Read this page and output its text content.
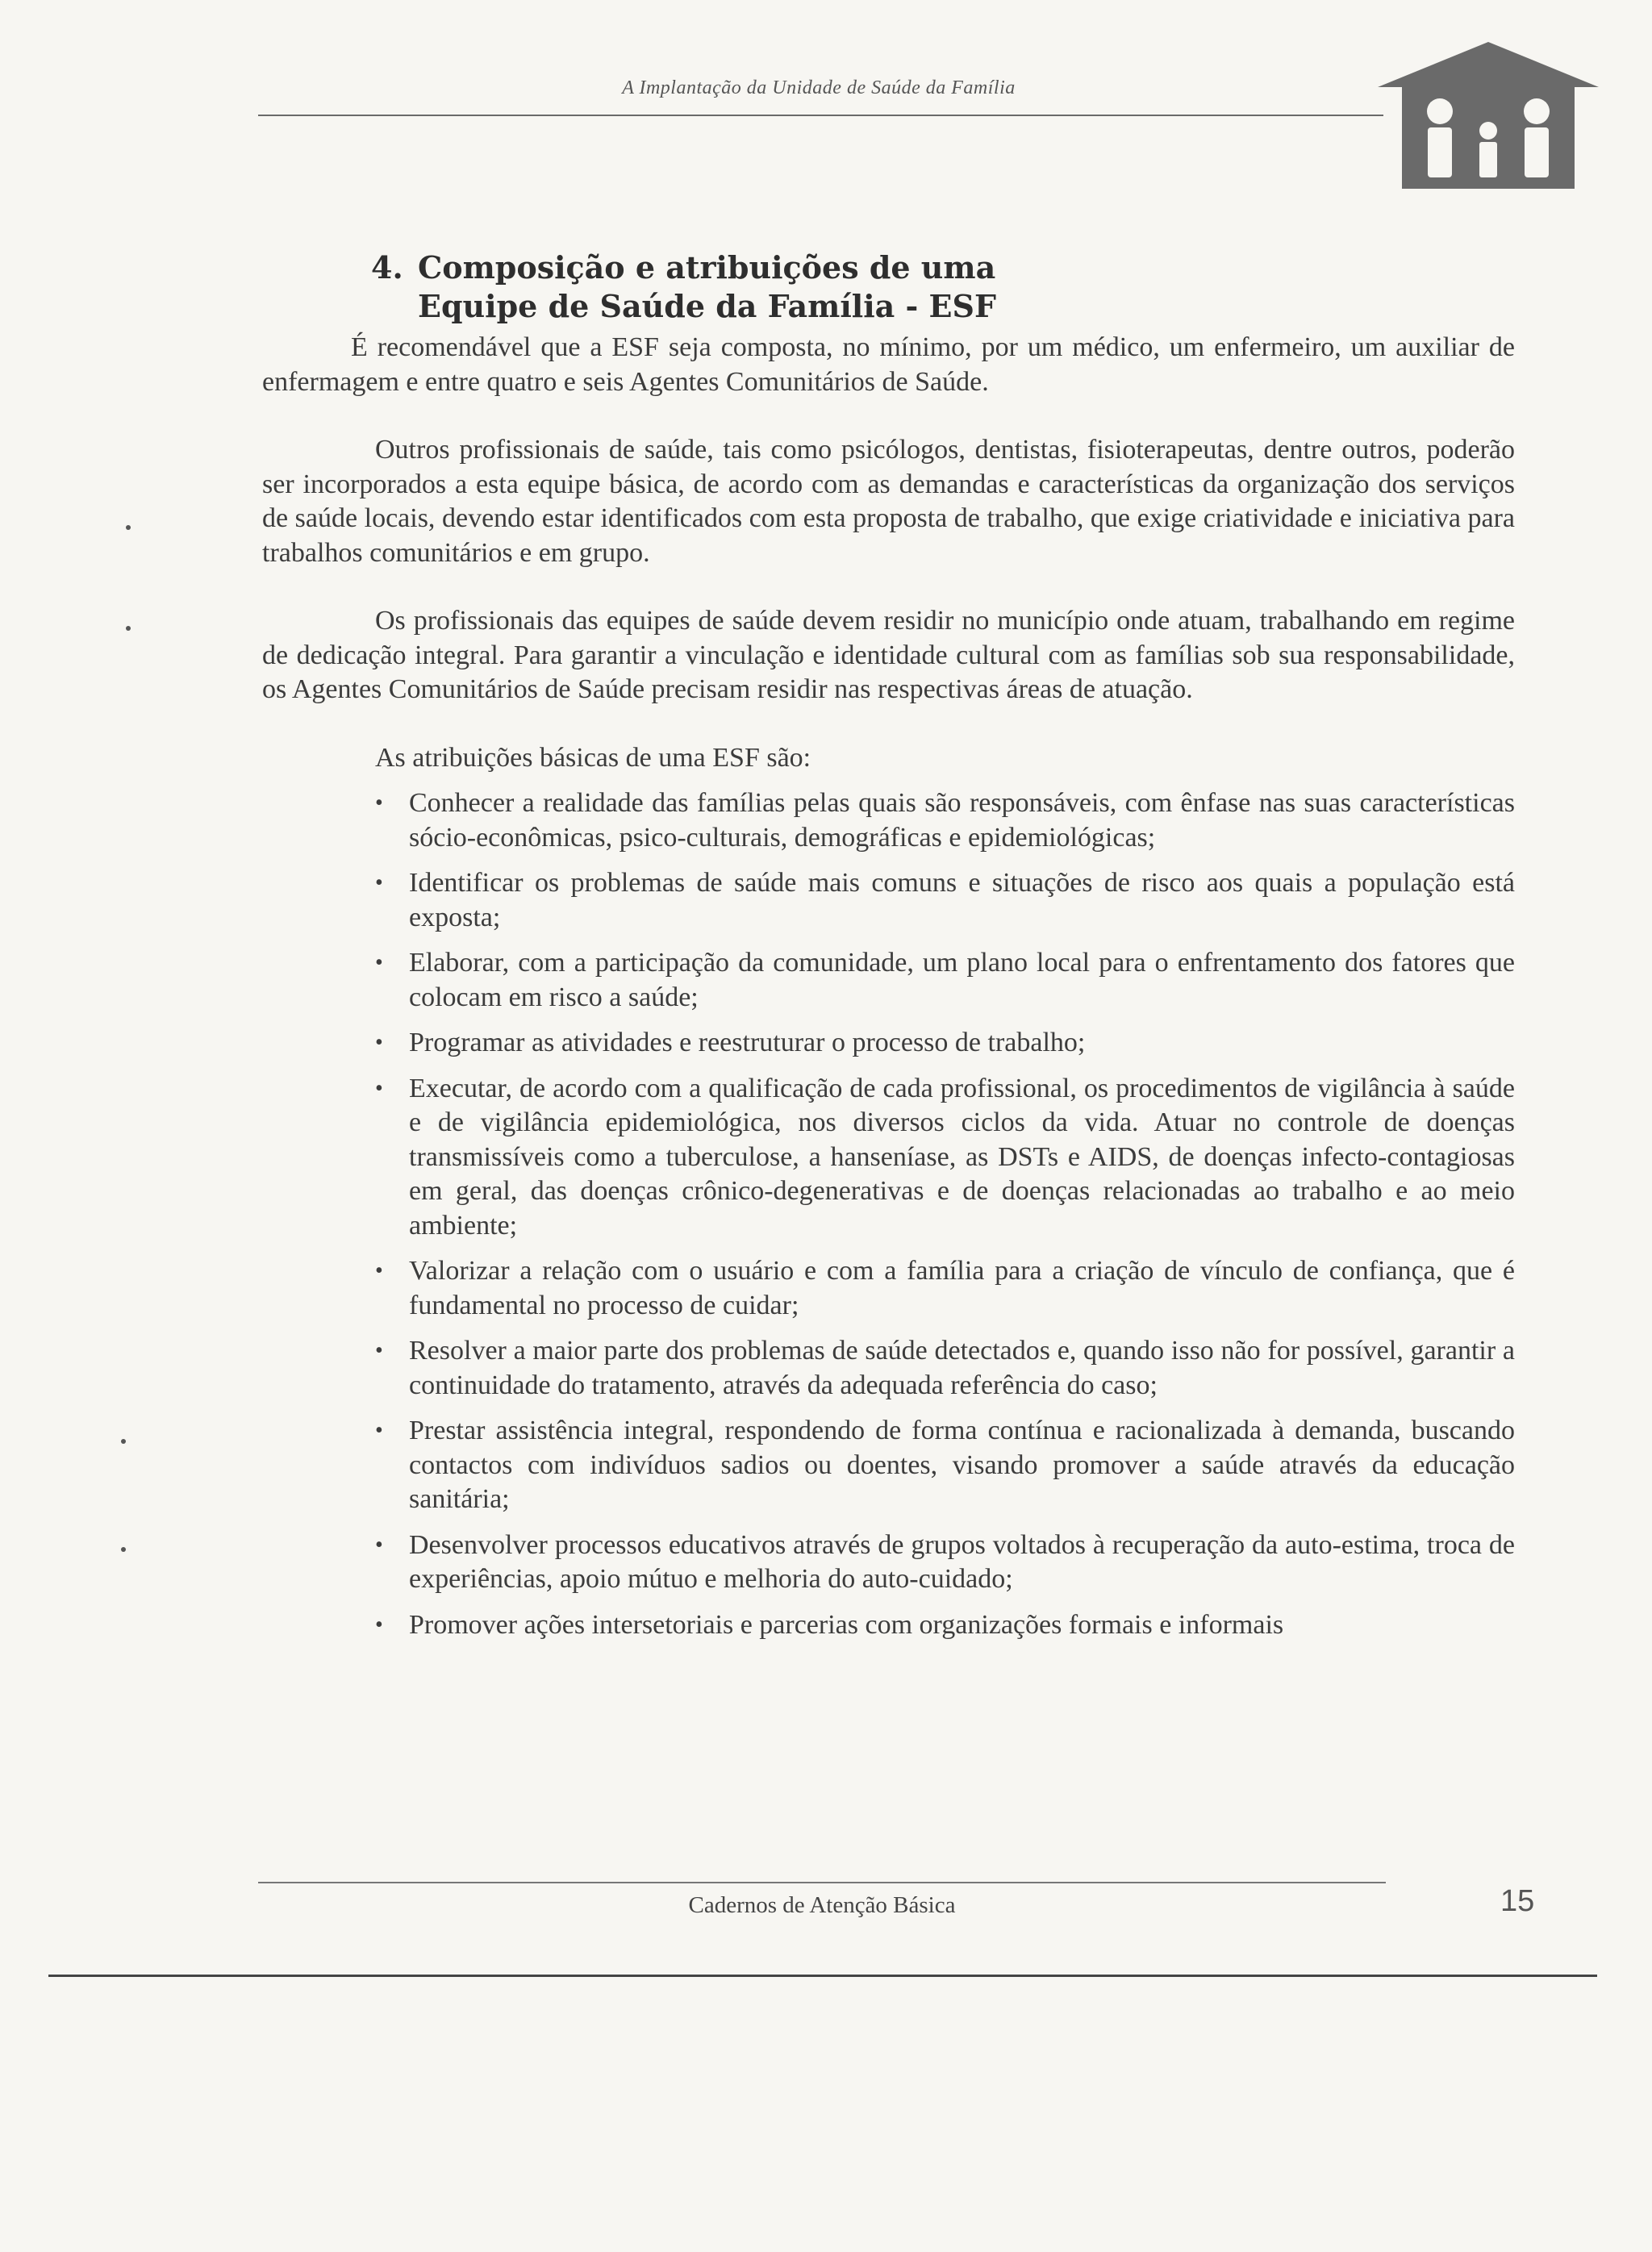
A Implantação da Unidade de Saúde da Família
4. Composição e atribuições de uma
Equipe de Saúde da Família - ESF

É recomendável que a ESF seja composta, no mínimo, por um médico, um enfermeiro, um auxiliar de enfermagem e entre quatro e seis Agentes Comunitários de Saúde.

Outros profissionais de saúde, tais como psicólogos, dentistas, fisioterapeutas, dentre outros, poderão ser incorporados a esta equipe básica, de acordo com as demandas e características da organização dos serviços de saúde locais, devendo estar identificados com esta proposta de trabalho, que exige criatividade e iniciativa para trabalhos comunitários e em grupo.

Os profissionais das equipes de saúde devem residir no município onde atuam, trabalhando em regime de dedicação integral. Para garantir a vinculação e identidade cultural com as famílias sob sua responsabilidade, os Agentes Comunitários de Saúde precisam residir nas respectivas áreas de atuação.

As atribuições básicas de uma ESF são:
• Conhecer a realidade das famílias pelas quais são responsáveis, com ênfase nas suas características sócio-econômicas, psico-culturais, demográficas e epidemiológicas;
• Identificar os problemas de saúde mais comuns e situações de risco aos quais a população está exposta;
• Elaborar, com a participação da comunidade, um plano local para o enfrentamento dos fatores que colocam em risco a saúde;
• Programar as atividades e reestruturar o processo de trabalho;
• Executar, de acordo com a qualificação de cada profissional, os procedimentos de vigilância à saúde e de vigilância epidemiológica, nos diversos ciclos da vida. Atuar no controle de doenças transmissíveis como a tuberculose, a hanseníase, as DSTs e AIDS, de doenças infecto-contagiosas em geral, das doenças crônico-degenerativas e de doenças relacionadas ao trabalho e ao meio ambiente;
• Valorizar a relação com o usuário e com a família para a criação de vínculo de confiança, que é fundamental no processo de cuidar;
• Resolver a maior parte dos problemas de saúde detectados e, quando isso não for possível, garantir a continuidade do tratamento, através da adequada referência do caso;
• Prestar assistência integral, respondendo de forma contínua e racionalizada à demanda, buscando contactos com indivíduos sadios ou doentes, visando promover a saúde através da educação sanitária;
• Desenvolver processos educativos através de grupos voltados à recuperação da auto-estima, troca de experiências, apoio mútuo e melhoria do auto-cuidado;
• Promover ações intersetoriais e parcerias com organizações formais e informais
Cadernos de Atenção Básica	15
